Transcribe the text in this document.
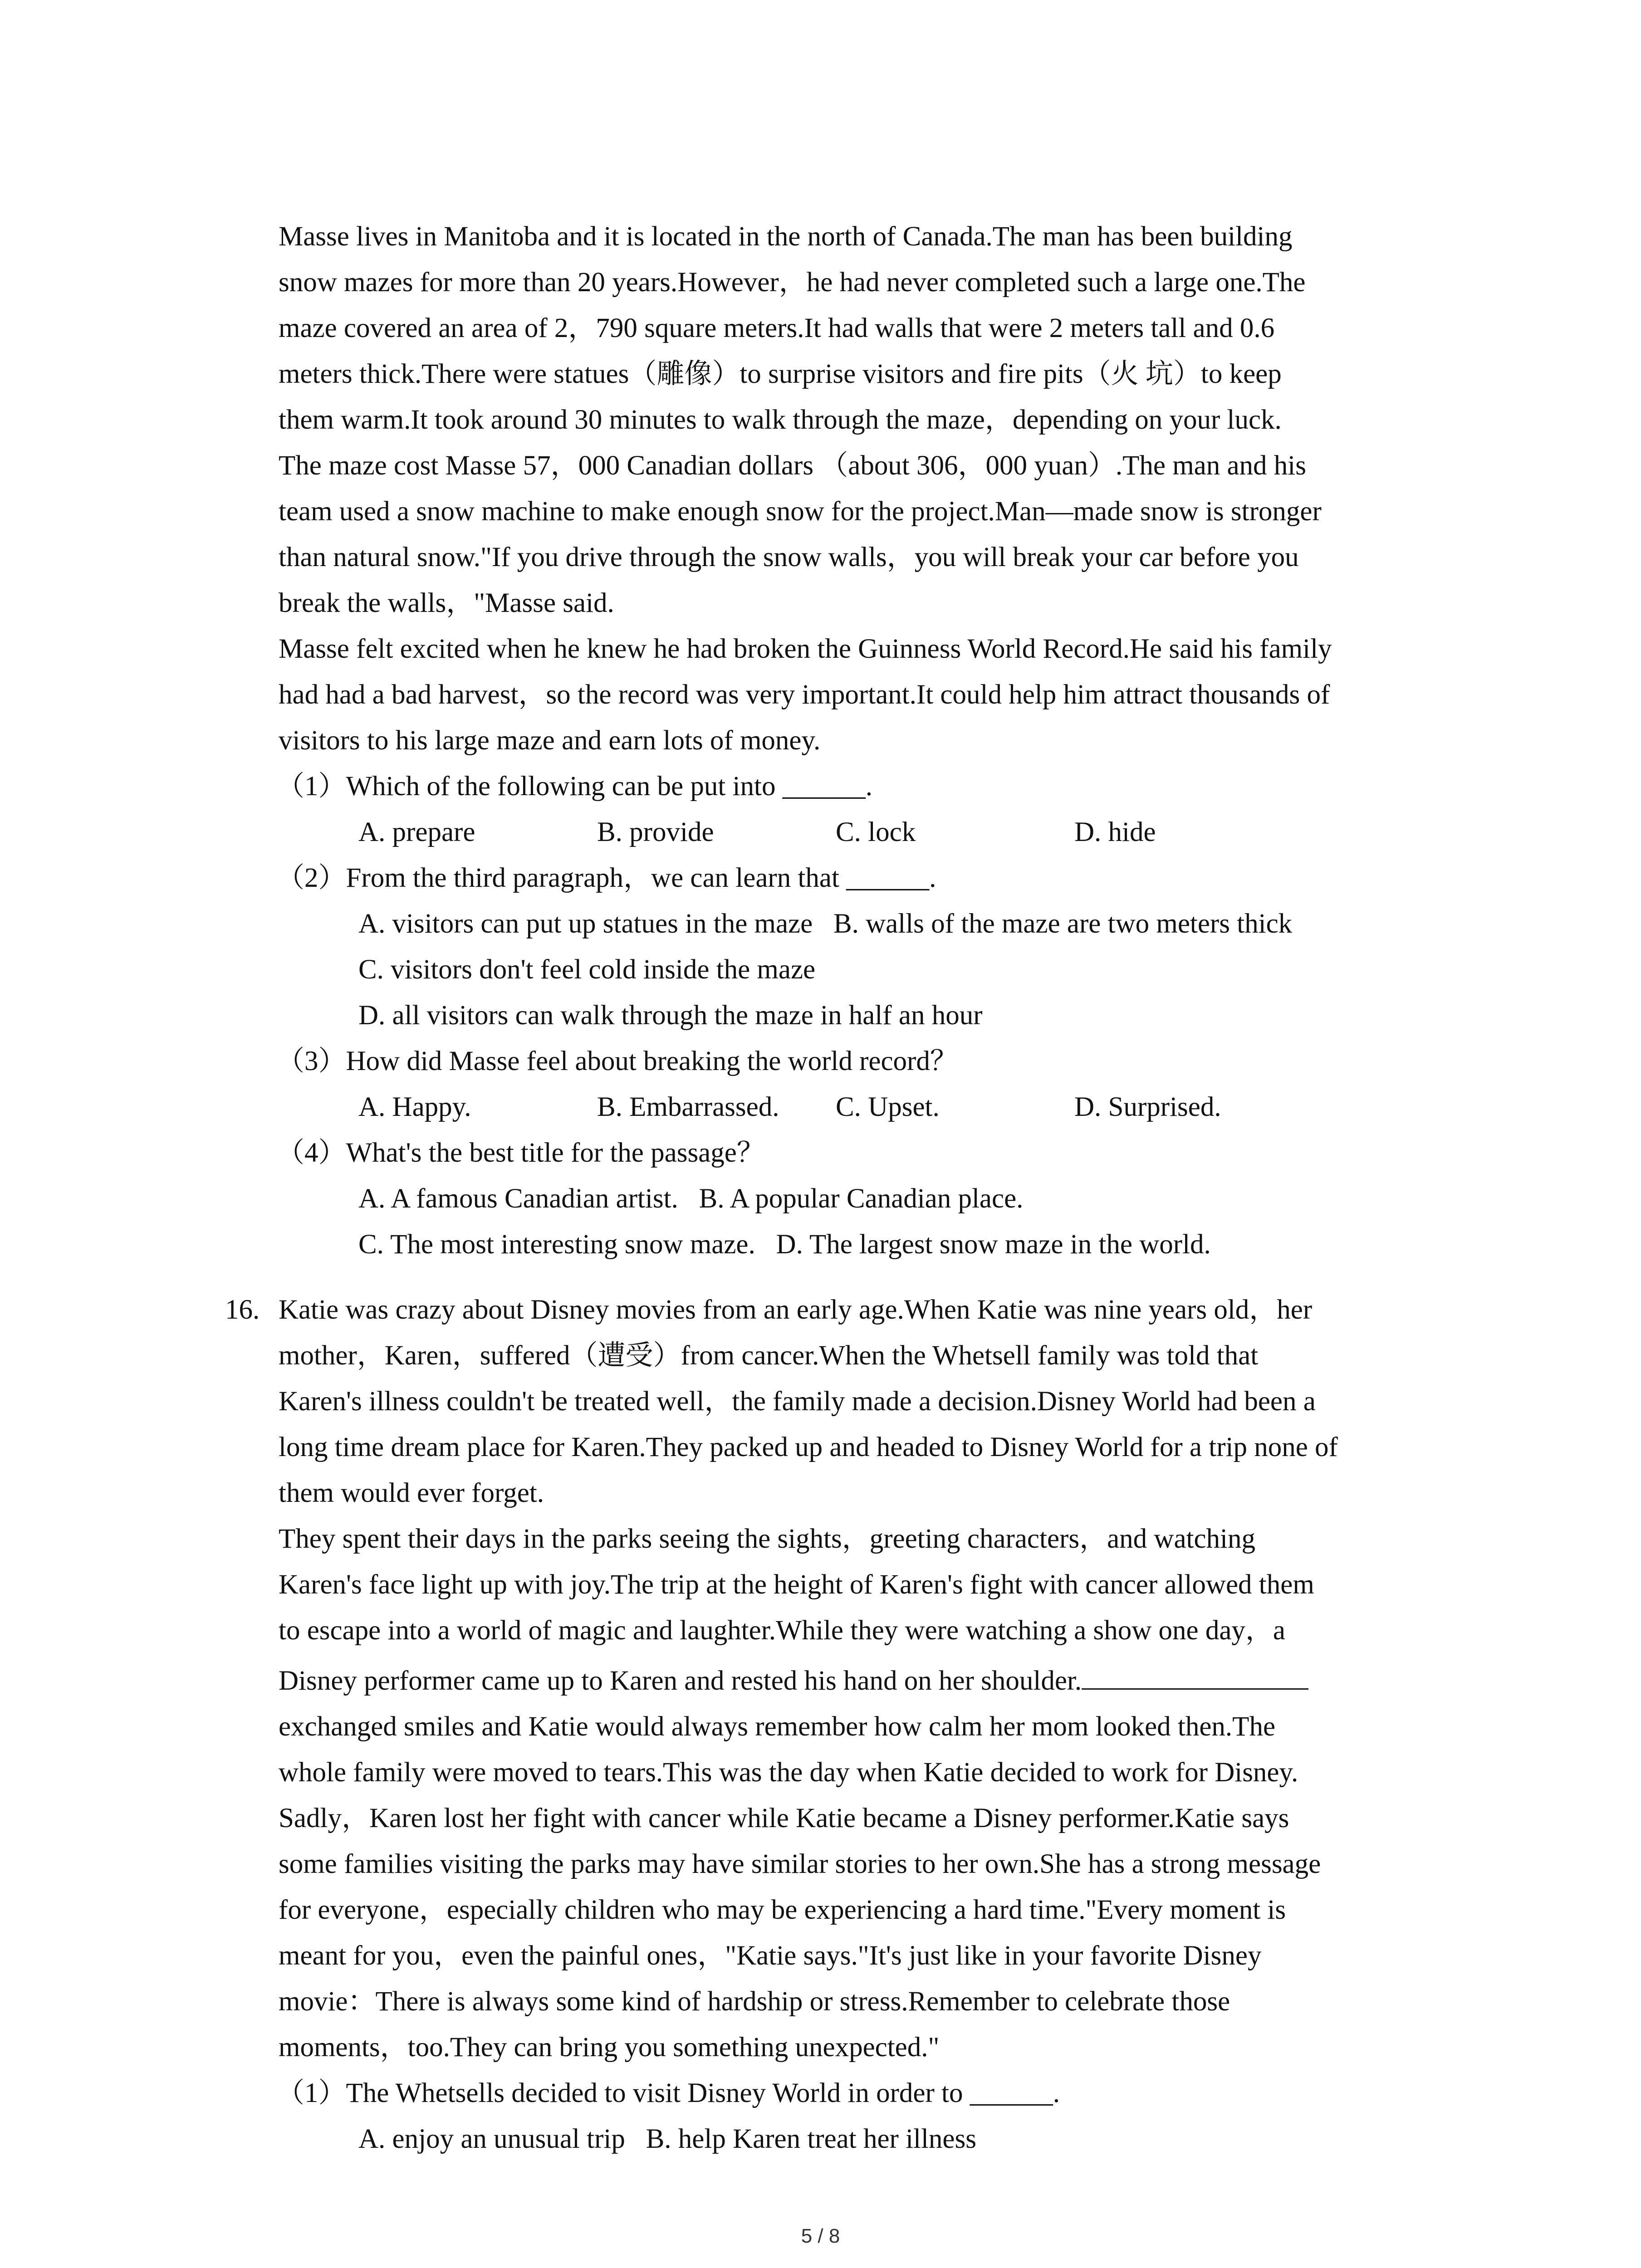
Masse lives in Manitoba and it is located in the north of Canada.The man has been building
snow mazes for more than 20 years.However，he had never completed such a large one.The
maze covered an area of 2，790 square meters.It had walls that were 2 meters tall and 0.6
meters thick.There were statues（雕像）to surprise visitors and fire pits（火 坑）to keep
them warm.It took around 30 minutes to walk through the maze，depending on your luck.
The maze cost Masse 57，000 Canadian dollars （about 306，000 yuan）.The man and his
team used a snow machine to make enough snow for the project.Man—made snow is stronger
than natural snow."If you drive through the snow walls，you will break your car before you
break the walls，"Masse said.
Masse felt excited when he knew he had broken the Guinness World Record.He said his family
had had a bad harvest，so the record was very important.It could help him attract thousands of
visitors to his large maze and earn lots of money.
（1）Which of the following can be put into ______.
A. prepare	B. provide	C. lock	D. hide
（2）From the third paragraph，we can learn that ______.
A. visitors can put up statues in the maze   B. walls of the maze are two meters thick
C. visitors don't feel cold inside the maze
D. all visitors can walk through the maze in half an hour
（3）How did Masse feel about breaking the world record？
A. Happy.	B. Embarrassed. C. Upset.	D. Surprised.
（4）What's the best title for the passage？
A. A famous Canadian artist.   B. A popular Canadian place.
C. The most interesting snow maze.   D. The largest snow maze in the world.
16. Katie was crazy about Disney movies from an early age.When Katie was nine years old，her
mother，Karen，suffered（遭受）from cancer.When the Whetsell family was told that
Karen's illness couldn't be treated well，the family made a decision.Disney World had been a
long time dream place for Karen.They packed up and headed to Disney World for a trip none of
them would ever forget.
They spent their days in the parks seeing the sights，greeting characters，and watching
Karen's face light up with joy.The trip at the height of Karen's fight with cancer allowed them
to escape into a world of magic and laughter.While they were watching a show one day，a
Disney performer came up to Karen and rested his hand on her shoulder.
exchanged smiles and Katie would always remember how calm her mom looked then.The
whole family were moved to tears.This was the day when Katie decided to work for Disney.
Sadly，Karen lost her fight with cancer while Katie became a Disney performer.Katie says
some families visiting the parks may have similar stories to her own.She has a strong message
for everyone，especially children who may be experiencing a hard time."Every moment is
meant for you，even the painful ones，"Katie says."It's just like in your favorite Disney
movie：There is always some kind of hardship or stress.Remember to celebrate those
moments，too.They can bring you something unexpected."
（1）The Whetsells decided to visit Disney World in order to ______.
A. enjoy an unusual trip   B. help Karen treat her illness
5 / 8
